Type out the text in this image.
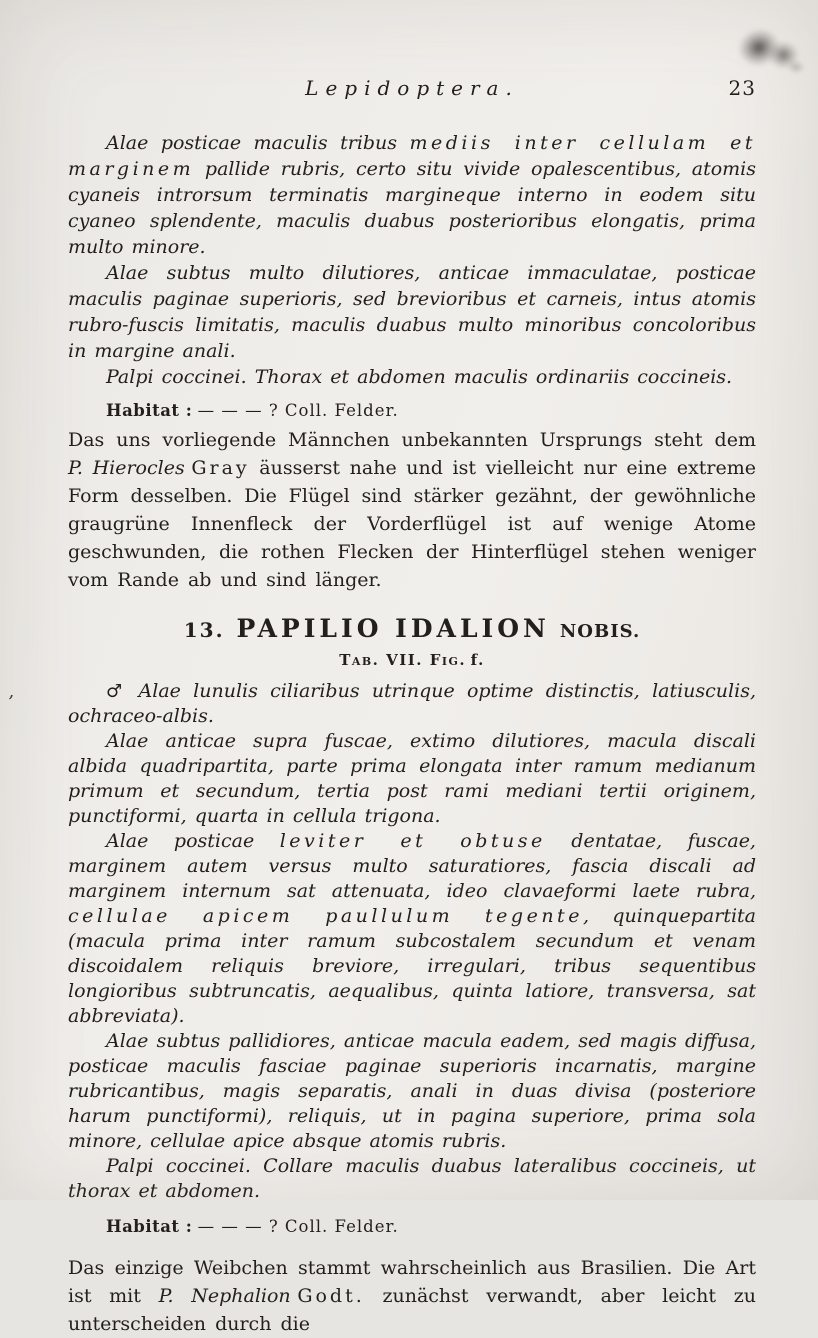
’
Lepidoptera.	23

Alae posticae maculis tribus mediis inter cellulam et marginem pallide rubris, certo situ vivide opalescentibus, atomis cyaneis introrsum terminatis margineque interno in eodem situ cyaneo splendente, maculis duabus posterioribus elongatis, prima multo minore.

Alae subtus multo dilutiores, anticae immaculatae, posticae maculis paginae superioris, sed brevioribus et carneis, intus atomis rubro-fuscis limitatis, maculis duabus multo minoribus concoloribus in margine anali.

Palpi coccinei. Thorax et abdomen maculis ordinariis coccineis.

Habitat : — — — ? Coll. Felder.

Das uns vorliegende Männchen unbekannten Ursprungs steht dem P. Hierocles Gray äusserst nahe und ist vielleicht nur eine extreme Form desselben. Die Flügel sind stärker gezähnt, der gewöhnliche graugrüne Innenfleck der Vorderflügel ist auf wenige Atome geschwunden, die rothen Flecken der Hinterflügel stehen weniger vom Rande ab und sind länger.

13. PAPILIO IDALION NOBIS.
Tab. VII. Fig. f.

♂ Alae lunulis ciliaribus utrinque optime distinctis, latiusculis, ochraceo-albis.

Alae anticae supra fuscae, extimo dilutiores, macula discali albida quadripartita, parte prima elongata inter ramum medianum primum et secundum, tertia post rami mediani tertii originem, punctiformi, quarta in cellula trigona.

Alae posticae leviter et obtuse dentatae, fuscae, marginem autem versus multo saturatiores, fascia discali ad marginem internum sat attenuata, ideo clavaeformi laete rubra, cellulae apicem paullulum tegente, quinquepartita (macula prima inter ramum subcostalem secundum et venam discoidalem reliquis breviore, irregulari, tribus sequentibus longioribus subtruncatis, aequalibus, quinta latiore, transversa, sat abbreviata).

Alae subtus pallidiores, anticae macula eadem, sed magis diffusa, posticae maculis fasciae paginae superioris incarnatis, margine rubricantibus, magis separatis, anali in duas divisa (posteriore harum punctiformi), reliquis, ut in pagina superiore, prima sola minore, cellulae apice absque atomis rubris.

Palpi coccinei. Collare maculis duabus lateralibus coccineis, ut thorax et abdomen.

Habitat : — — — ? Coll. Felder.

Das einzige Weibchen stammt wahrscheinlich aus Brasilien. Die Art ist mit P. Nephalion Godt. zunächst verwandt, aber leicht zu unterscheiden durch die
